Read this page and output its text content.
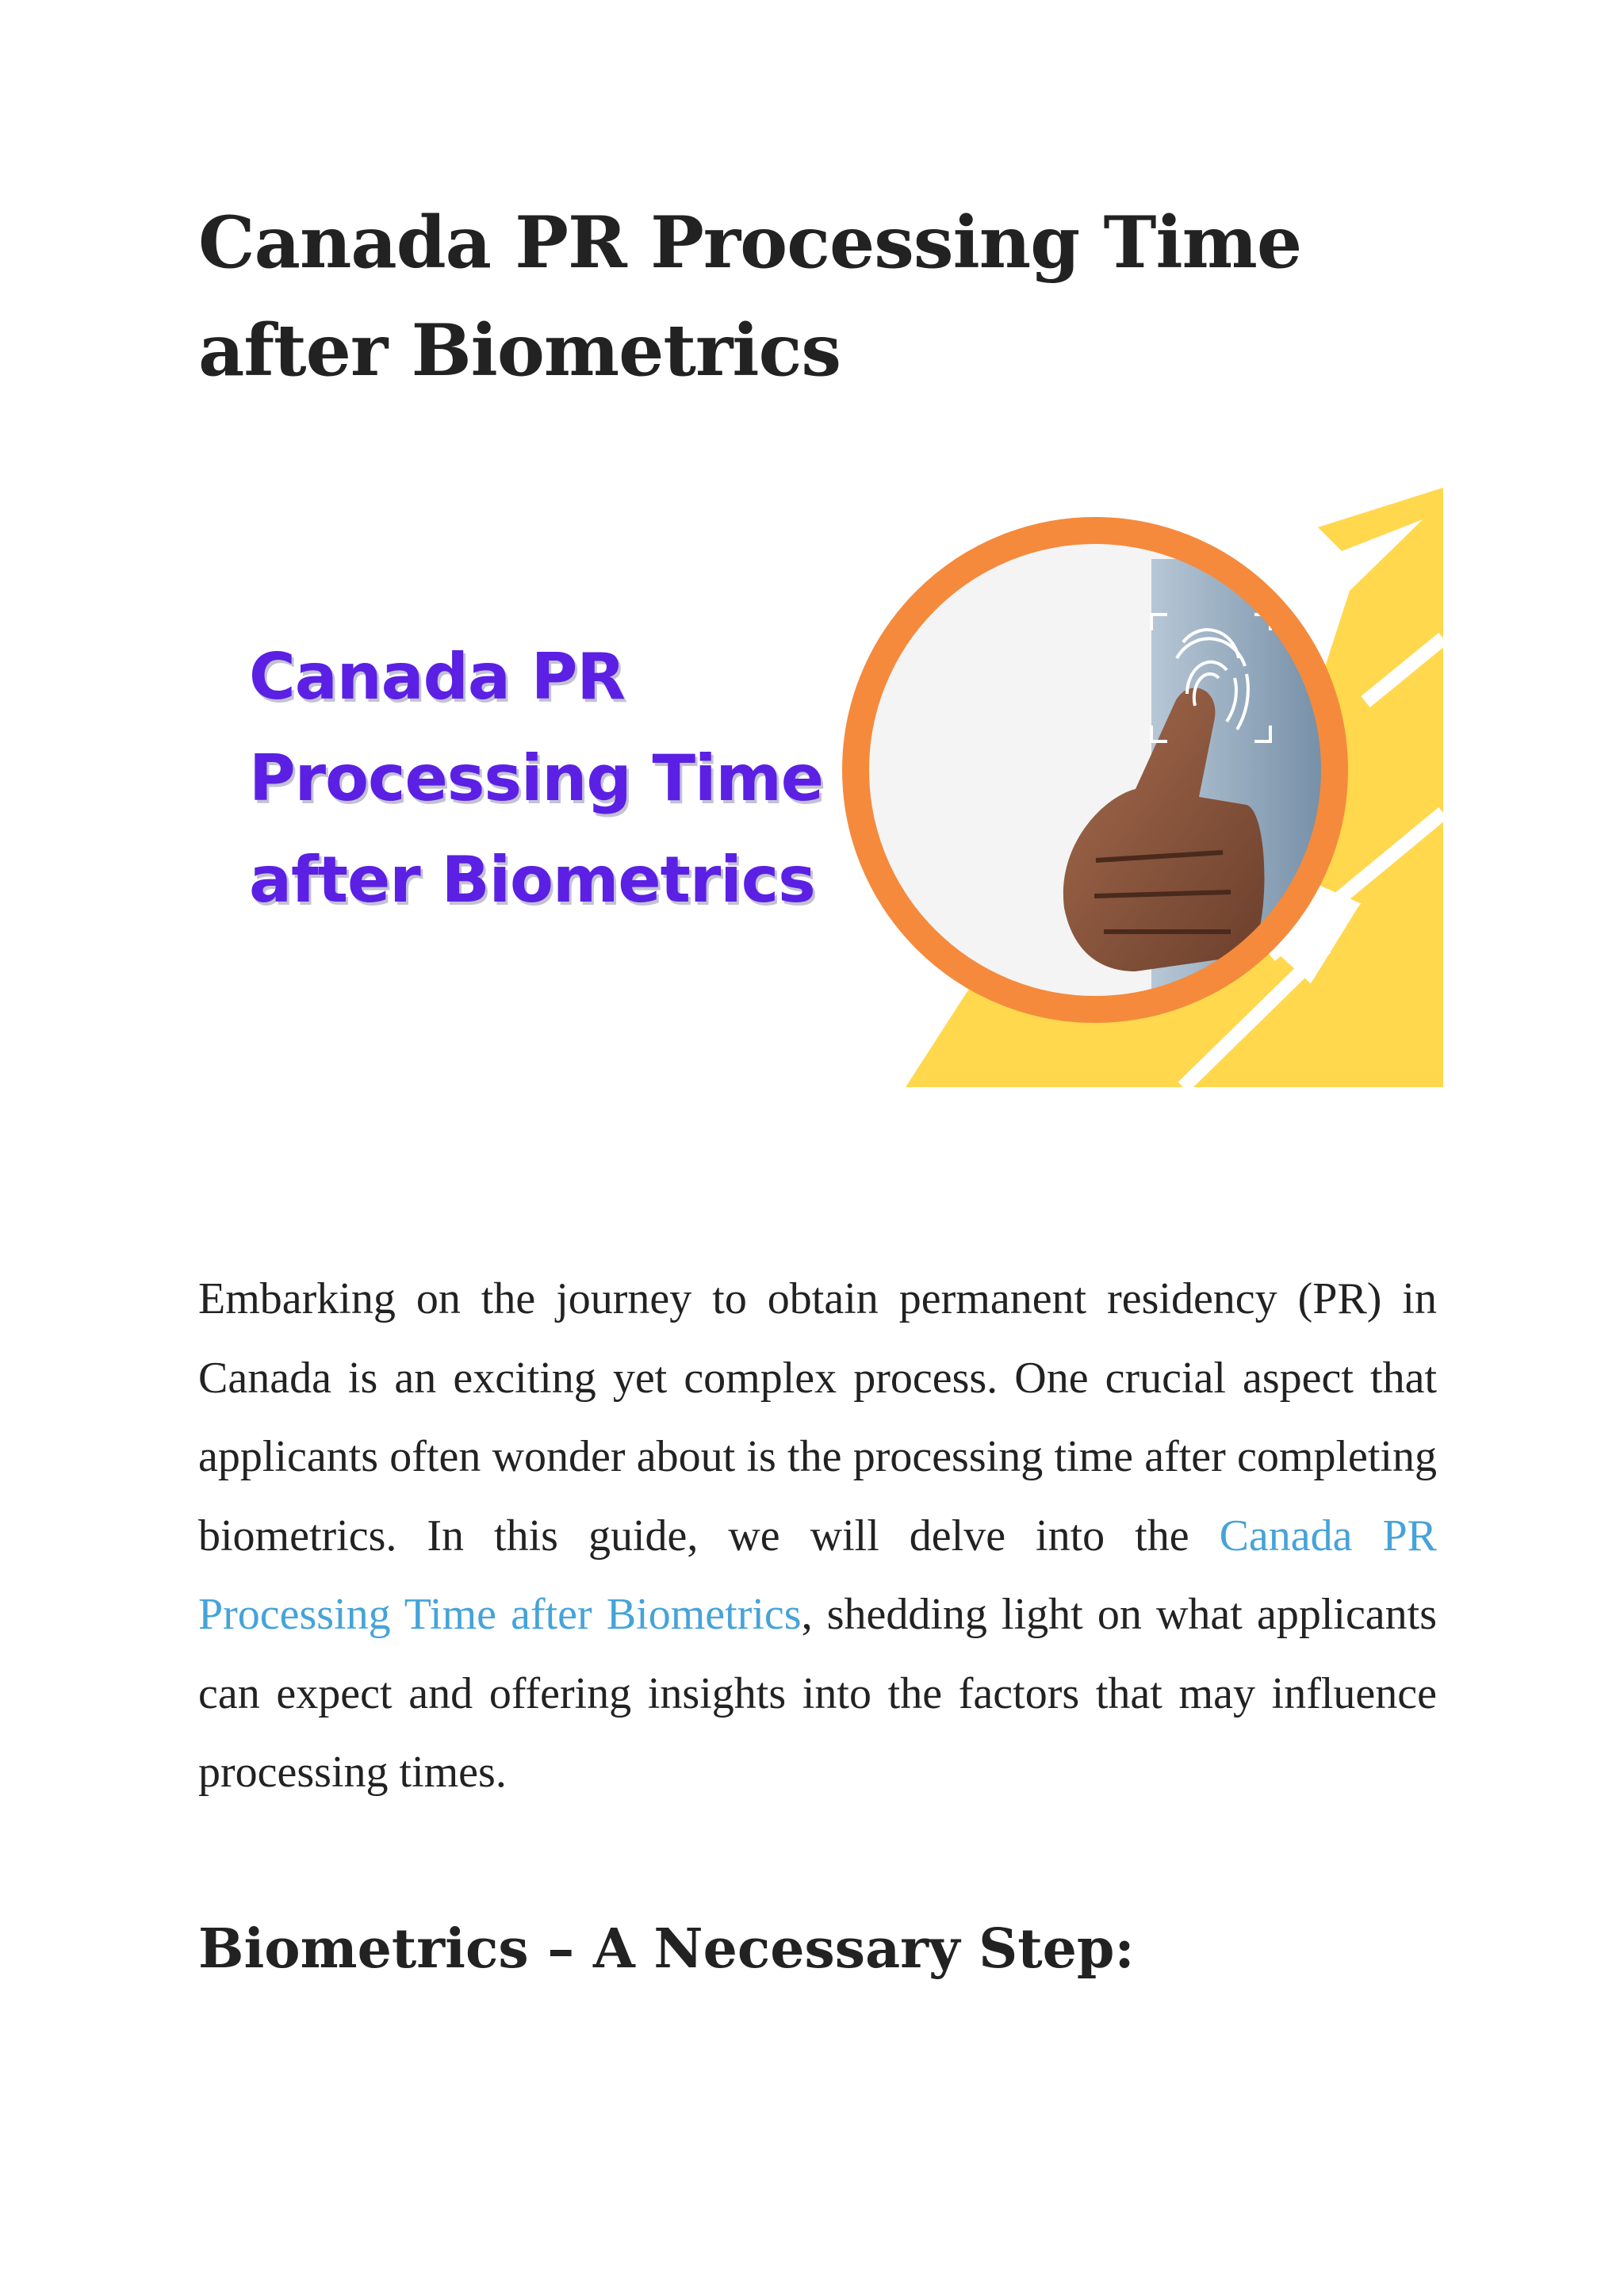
Canada PR Processing Time after Biometrics

Canada PR
Processing Time
after Biometrics

Embarking on the journey to obtain permanent residency (PR) in Canada is an exciting yet complex process. One crucial aspect that applicants often wonder about is the processing time after completing biometrics. In this guide, we will delve into the Canada PR Processing Time after Biometrics, shedding light on what applicants can expect and offering insights into the factors that may influence processing times.

Biometrics – A Necessary Step:
